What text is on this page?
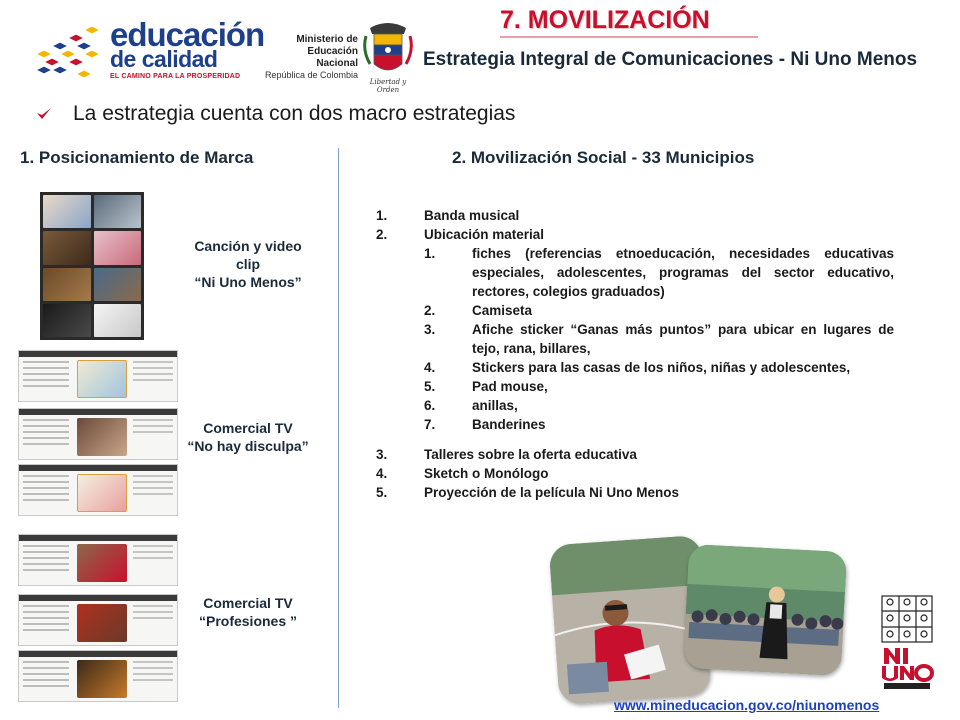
educación
de calidad
EL CAMINO PARA LA PROSPERIDAD
Ministerio de
Educación Nacional
República de Colombia
Libertad y Orden
7. MOVILIZACIÓN
Estrategia Integral de Comunicaciones - Ni Uno Menos
La estrategia cuenta con dos macro estrategias
1. Posicionamiento de Marca	2. Movilización Social - 33 Municipios
Canción y video
clip
“Ni Uno Menos”
Comercial TV
“No hay disculpa”
Comercial TV
“Profesiones ”
1.	Banda musical
2.	Ubicación material
1.	fiches (referencias etnoeducación, necesidades educativas especiales, adolescentes, programas del sector educativo, rectores, colegios graduados)
2.	Camiseta
3.	Afiche sticker “Ganas más puntos” para ubicar en lugares de tejo, rana, billares,
4.	Stickers para las casas de los niños, niñas y adolescentes,
5.	Pad mouse,
6.	anillas,
7.	Banderines
3.	Talleres sobre la oferta educativa
4.	Sketch o Monólogo
5.	Proyección de la película Ni Uno Menos
www.mineducacion.gov.co/niunomenos
